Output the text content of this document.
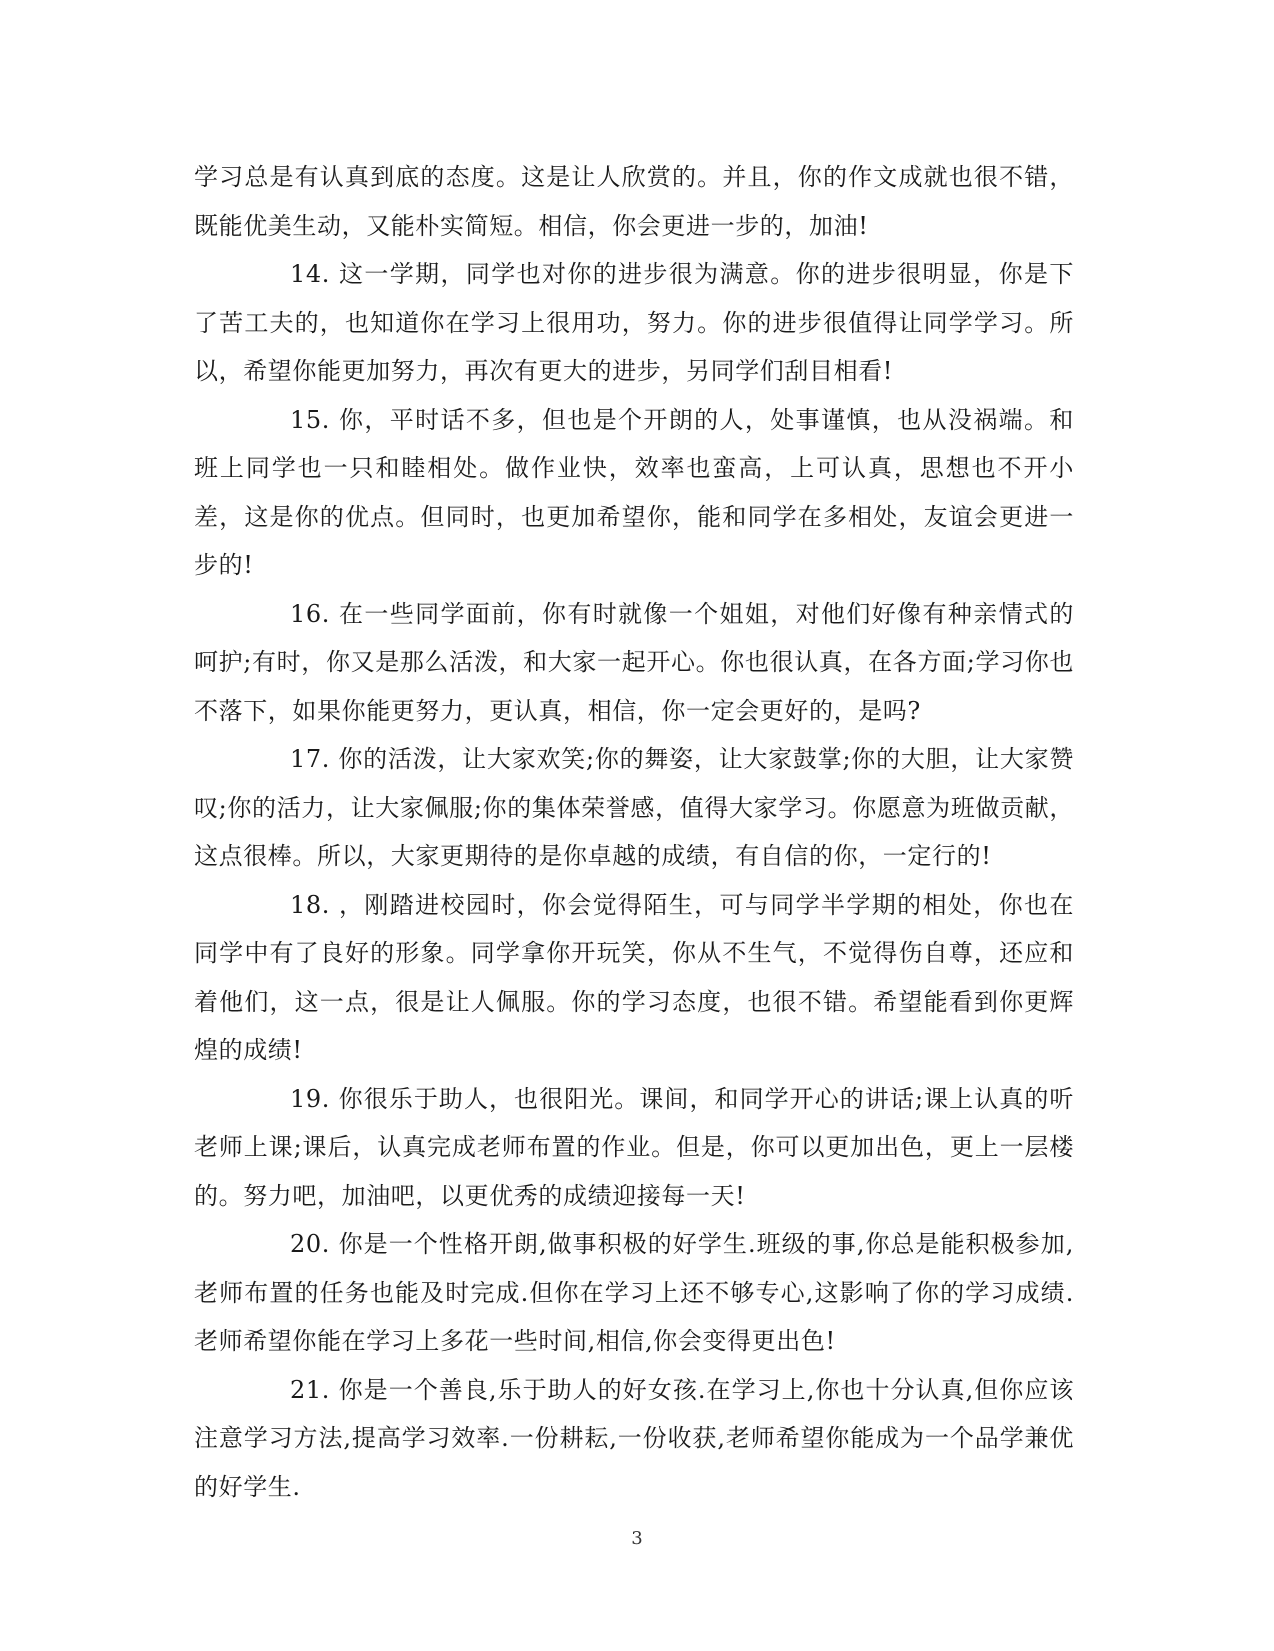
学习总是有认真到底的态度。这是让人欣赏的。并且，你的作文成就也很不错，既能优美生动，又能朴实简短。相信，你会更进一步的，加油!

14. 这一学期，同学也对你的进步很为满意。你的进步很明显，你是下了苦工夫的，也知道你在学习上很用功，努力。你的进步很值得让同学学习。所以，希望你能更加努力，再次有更大的进步，另同学们刮目相看!

15. 你，平时话不多，但也是个开朗的人，处事谨慎，也从没祸端。和班上同学也一只和睦相处。做作业快，效率也蛮高，上可认真，思想也不开小差，这是你的优点。但同时，也更加希望你，能和同学在多相处，友谊会更进一步的!

16. 在一些同学面前，你有时就像一个姐姐，对他们好像有种亲情式的呵护;有时，你又是那么活泼，和大家一起开心。你也很认真，在各方面;学习你也不落下，如果你能更努力，更认真，相信，你一定会更好的，是吗?

17. 你的活泼，让大家欢笑;你的舞姿，让大家鼓掌;你的大胆，让大家赞叹;你的活力，让大家佩服;你的集体荣誉感，值得大家学习。你愿意为班做贡献，这点很棒。所以，大家更期待的是你卓越的成绩，有自信的你，一定行的!

18. ，刚踏进校园时，你会觉得陌生，可与同学半学期的相处，你也在同学中有了良好的形象。同学拿你开玩笑，你从不生气，不觉得伤自尊，还应和着他们，这一点，很是让人佩服。你的学习态度，也很不错。希望能看到你更辉煌的成绩!

19. 你很乐于助人，也很阳光。课间，和同学开心的讲话;课上认真的听老师上课;课后，认真完成老师布置的作业。但是，你可以更加出色，更上一层楼的。努力吧，加油吧，以更优秀的成绩迎接每一天!

20. 你是一个性格开朗,做事积极的好学生.班级的事,你总是能积极参加,老师布置的任务也能及时完成.但你在学习上还不够专心,这影响了你的学习成绩.老师希望你能在学习上多花一些时间,相信,你会变得更出色!

21. 你是一个善良,乐于助人的好女孩.在学习上,你也十分认真,但你应该注意学习方法,提高学习效率.一份耕耘,一份收获,老师希望你能成为一个品学兼优的好学生.

3
